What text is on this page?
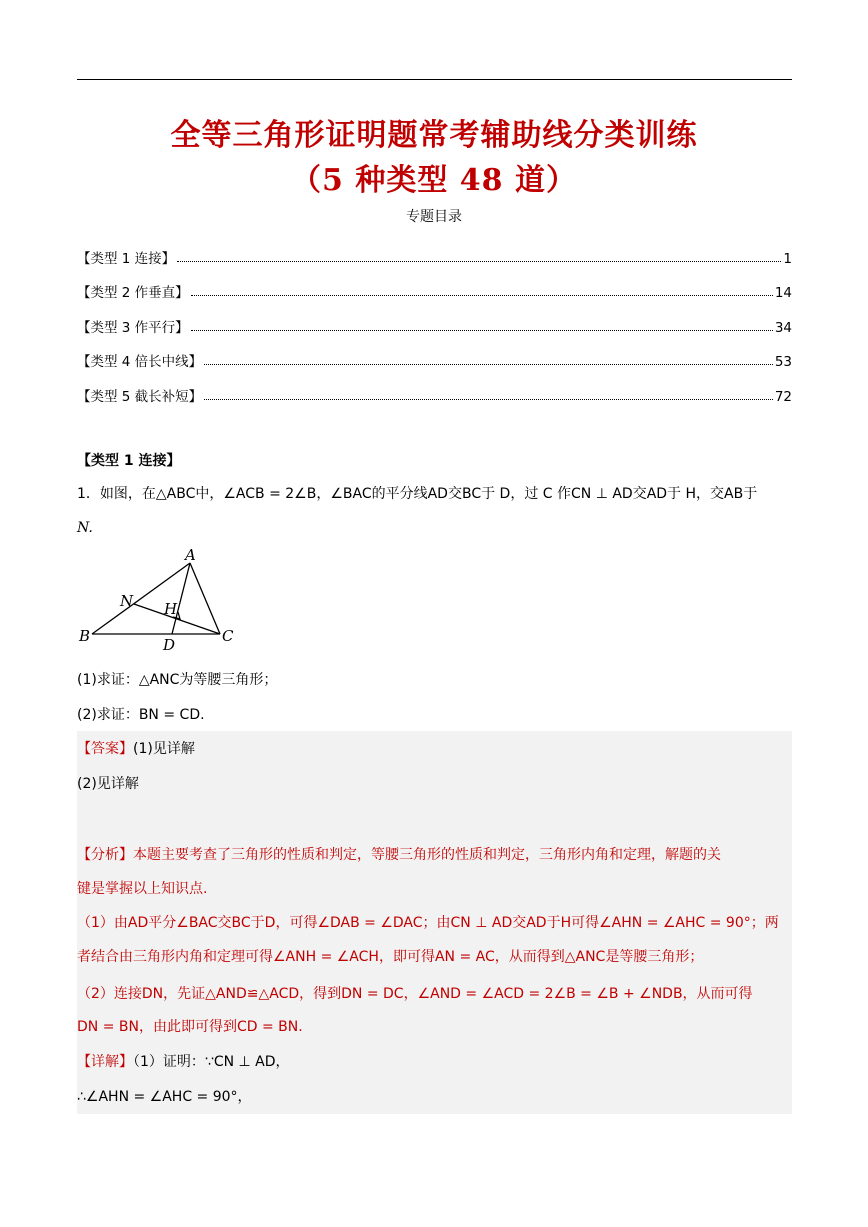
全等三角形证明题常考辅助线分类训练
（5 种类型 48 道）
专题目录
【类型 1 连接】	1
【类型 2 作垂直】	14
【类型 3 作平行】	34
【类型 4 倍长中线】	53
【类型 5 截长补短】	72
【类型 1 连接】
1．如图，在△ABC中，∠ACB = 2∠B，∠BAC的平分线AD交BC于 D，过 C 作CN ⊥ AD交AD于 H，交AB于
N.
A
B	C
D
N H
(1)求证：△ANC为等腰三角形；
(2)求证：BN = CD.
【答案】(1)见详解
(2)见详解
【分析】本题主要考查了三角形的性质和判定，等腰三角形的性质和判定，三角形内角和定理，解题的关
键是掌握以上知识点.
（1）由AD平分∠BAC交BC于D，可得∠DAB = ∠DAC；由CN ⊥ AD交AD于H可得∠AHN = ∠AHC = 90°；两
者结合由三角形内角和定理可得∠ANH = ∠ACH，即可得AN = AC，从而得到△ANC是等腰三角形；
（2）连接DN，先证△AND≌△ACD，得到DN = DC，∠AND = ∠ACD = 2∠B = ∠B + ∠NDB，从而可得
DN = BN，由此即可得到CD = BN.
【详解】（1）证明：∵CN ⊥ AD，
∴∠AHN = ∠AHC = 90°，
